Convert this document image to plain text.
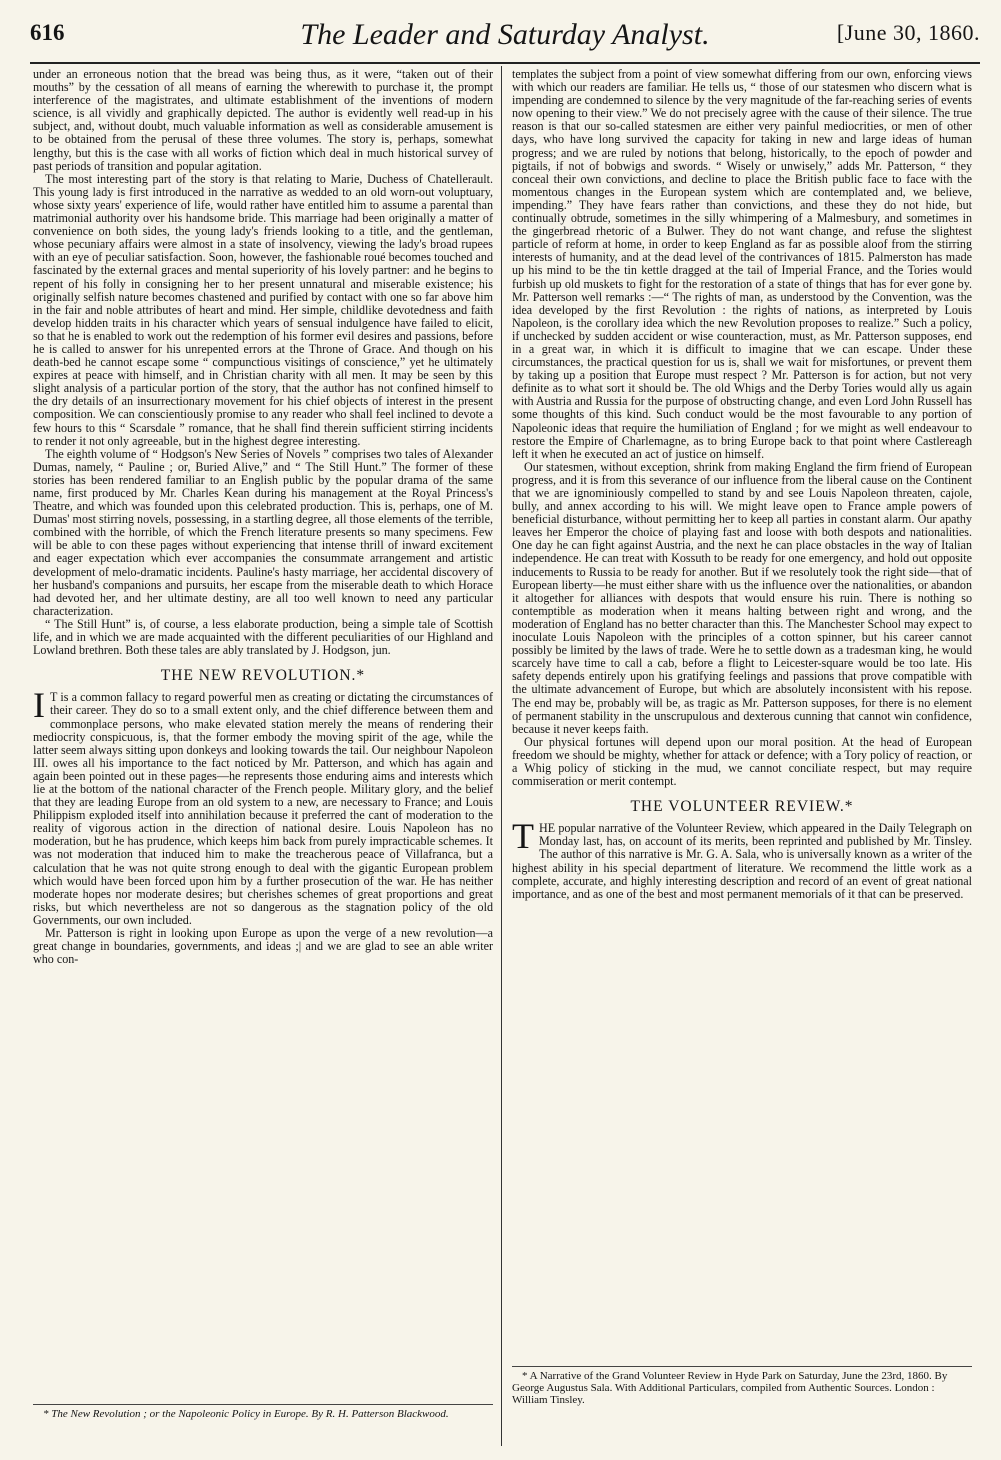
616	The Leader and Saturday Analyst.	[June 30, 1860.

under an erroneous notion that the bread was being thus, as it were, “taken out of their mouths” by the cessation of all means of earning the wherewith to purchase it, the prompt interference of the magistrates, and ultimate establishment of the inventions of modern science, is all vividly and graphically depicted. The author is evidently well read-up in his subject, and, without doubt, much valuable information as well as considerable amusement is to be obtained from the perusal of these three volumes. The story is, perhaps, somewhat lengthy, but this is the case with all works of fiction which deal in much historical survey of past periods of transition and popular agitation.

The most interesting part of the story is that relating to Marie, Duchess of Chatellerault. This young lady is first introduced in the narrative as wedded to an old worn-out voluptuary, whose sixty years' experience of life, would rather have entitled him to assume a parental than matrimonial authority over his handsome bride. This marriage had been originally a matter of convenience on both sides, the young lady's friends looking to a title, and the gentleman, whose pecuniary affairs were almost in a state of insolvency, viewing the lady's broad rupees with an eye of peculiar satisfaction. Soon, however, the fashionable roué becomes touched and fascinated by the external graces and mental superiority of his lovely partner: and he begins to repent of his folly in consigning her to her present unnatural and miserable existence; his originally selfish nature becomes chastened and purified by contact with one so far above him in the fair and noble attributes of heart and mind. Her simple, childlike devotedness and faith develop hidden traits in his character which years of sensual indulgence have failed to elicit, so that he is enabled to work out the redemption of his former evil desires and passions, before he is called to answer for his unrepented errors at the Throne of Grace. And though on his death-bed he cannot escape some “ compunctious visitings of conscience,” yet he ultimately expires at peace with himself, and in Christian charity with all men. It may be seen by this slight analysis of a particular portion of the story, that the author has not confined himself to the dry details of an insurrectionary movement for his chief objects of interest in the present composition. We can conscientiously promise to any reader who shall feel inclined to devote a few hours to this “ Scarsdale ” romance, that he shall find therein sufficient stirring incidents to render it not only agreeable, but in the highest degree interesting.

The eighth volume of “ Hodgson's New Series of Novels ” comprises two tales of Alexander Dumas, namely, “ Pauline ; or, Buried Alive,” and “ The Still Hunt.” The former of these stories has been rendered familiar to an English public by the popular drama of the same name, first produced by Mr. Charles Kean during his management at the Royal Princess's Theatre, and which was founded upon this celebrated production. This is, perhaps, one of M. Dumas' most stirring novels, possessing, in a startling degree, all those elements of the terrible, combined with the horrible, of which the French literature presents so many specimens. Few will be able to con these pages without experiencing that intense thrill of inward excitement and eager expectation which ever accompanies the consummate arrangement and artistic development of melo-dramatic incidents. Pauline's hasty marriage, her accidental discovery of her husband's companions and pursuits, her escape from the miserable death to which Horace had devoted her, and her ultimate destiny, are all too well known to need any particular characterization.

“ The Still Hunt” is, of course, a less elaborate production, being a simple tale of Scottish life, and in which we are made acquainted with the different peculiarities of our Highland and Lowland brethren. Both these tales are ably translated by J. Hodgson, jun.

THE NEW REVOLUTION.*

I T is a common fallacy to regard powerful men as creating or dictating the circumstances of their career. They do so to a small extent only, and the chief difference between them and commonplace persons, who make elevated station merely the means of rendering their mediocrity conspicuous, is, that the former embody the moving spirit of the age, while the latter seem always sitting upon donkeys and looking towards the tail. Our neighbour Napoleon III. owes all his importance to the fact noticed by Mr. Patterson, and which has again and again been pointed out in these pages—he represents those enduring aims and interests which lie at the bottom of the national character of the French people. Military glory, and the belief that they are leading Europe from an old system to a new, are necessary to France; and Louis Philippism exploded itself into annihilation because it preferred the cant of moderation to the reality of vigorous action in the direction of national desire. Louis Napoleon has no moderation, but he has prudence, which keeps him back from purely impracticable schemes. It was not moderation that induced him to make the treacherous peace of Villafranca, but a calculation that he was not quite strong enough to deal with the gigantic European problem which would have been forced upon him by a further prosecution of the war. He has neither moderate hopes nor moderate desires; but cherishes schemes of great proportions and great risks, but which nevertheless are not so dangerous as the stagnation policy of the old Governments, our own included.

Mr. Patterson is right in looking upon Europe as upon the verge of a new revolution—a great change in boundaries, governments, and ideas ;| and we are glad to see an able writer who con-

* The New Revolution ; or the Napoleonic Policy in Europe. By R. H. Patterson Blackwood.

templates the subject from a point of view somewhat differing from our own, enforcing views with which our readers are familiar. He tells us, “ those of our statesmen who discern what is impending are condemned to silence by the very magnitude of the far-reaching series of events now opening to their view.” We do not precisely agree with the cause of their silence. The true reason is that our so-called statesmen are either very painful mediocrities, or men of other days, who have long survived the capacity for taking in new and large ideas of human progress; and we are ruled by notions that belong, historically, to the epoch of powder and pigtails, if not of bobwigs and swords. “ Wisely or unwisely,” adds Mr. Patterson, “ they conceal their own convictions, and decline to place the British public face to face with the momentous changes in the European system which are contemplated and, we believe, impending.” They have fears rather than convictions, and these they do not hide, but continually obtrude, sometimes in the silly whimpering of a Malmesbury, and sometimes in the gingerbread rhetoric of a Bulwer. They do not want change, and refuse the slightest particle of reform at home, in order to keep England as far as possible aloof from the stirring interests of humanity, and at the dead level of the contrivances of 1815. Palmerston has made up his mind to be the tin kettle dragged at the tail of Imperial France, and the Tories would furbish up old muskets to fight for the restoration of a state of things that has for ever gone by. Mr. Patterson well remarks :—“ The rights of man, as understood by the Convention, was the idea developed by the first Revolution : the rights of nations, as interpreted by Louis Napoleon, is the corollary idea which the new Revolution proposes to realize.” Such a policy, if unchecked by sudden accident or wise counteraction, must, as Mr. Patterson supposes, end in a great war, in which it is difficult to imagine that we can escape. Under these circumstances, the practical question for us is, shall we wait for misfortunes, or prevent them by taking up a position that Europe must respect ? Mr. Patterson is for action, but not very definite as to what sort it should be. The old Whigs and the Derby Tories would ally us again with Austria and Russia for the purpose of obstructing change, and even Lord John Russell has some thoughts of this kind. Such conduct would be the most favourable to any portion of Napoleonic ideas that require the humiliation of England ; for we might as well endeavour to restore the Empire of Charlemagne, as to bring Europe back to that point where Castlereagh left it when he executed an act of justice on himself.

Our statesmen, without exception, shrink from making England the firm friend of European progress, and it is from this severance of our influence from the liberal cause on the Continent that we are ignominiously compelled to stand by and see Louis Napoleon threaten, cajole, bully, and annex according to his will. We might leave open to France ample powers of beneficial disturbance, without permitting her to keep all parties in constant alarm. Our apathy leaves her Emperor the choice of playing fast and loose with both despots and nationalities. One day he can fight against Austria, and the next he can place obstacles in the way of Italian independence. He can treat with Kossuth to be ready for one emergency, and hold out opposite inducements to Russia to be ready for another. But if we resolutely took the right side—that of European liberty—he must either share with us the influence over the nationalities, or abandon it altogether for alliances with despots that would ensure his ruin. There is nothing so contemptible as moderation when it means halting between right and wrong, and the moderation of England has no better character than this. The Manchester School may expect to inoculate Louis Napoleon with the principles of a cotton spinner, but his career cannot possibly be limited by the laws of trade. Were he to settle down as a tradesman king, he would scarcely have time to call a cab, before a flight to Leicester-square would be too late. His safety depends entirely upon his gratifying feelings and passions that prove compatible with the ultimate advancement of Europe, but which are absolutely inconsistent with his repose. The end may be, probably will be, as tragic as Mr. Patterson supposes, for there is no element of permanent stability in the unscrupulous and dexterous cunning that cannot win confidence, because it never keeps faith.

Our physical fortunes will depend upon our moral position. At the head of European freedom we should be mighty, whether for attack or defence; with a Tory policy of reaction, or a Whig policy of sticking in the mud, we cannot conciliate respect, but may require commiseration or merit contempt.

THE VOLUNTEER REVIEW.*

THE popular narrative of the Volunteer Review, which appeared in the Daily Telegraph on Monday last, has, on account of its merits, been reprinted and published by Mr. Tinsley. The author of this narrative is Mr. G. A. Sala, who is universally known as a writer of the highest ability in his special department of literature. We recommend the little work as a complete, accurate, and highly interesting description and record of an event of great national importance, and as one of the best and most permanent memorials of it that can be preserved.

* A Narrative of the Grand Volunteer Review in Hyde Park on Saturday, June the 23rd, 1860. By George Augustus Sala. With Additional Particulars, compiled from Authentic Sources. London : William Tinsley.
